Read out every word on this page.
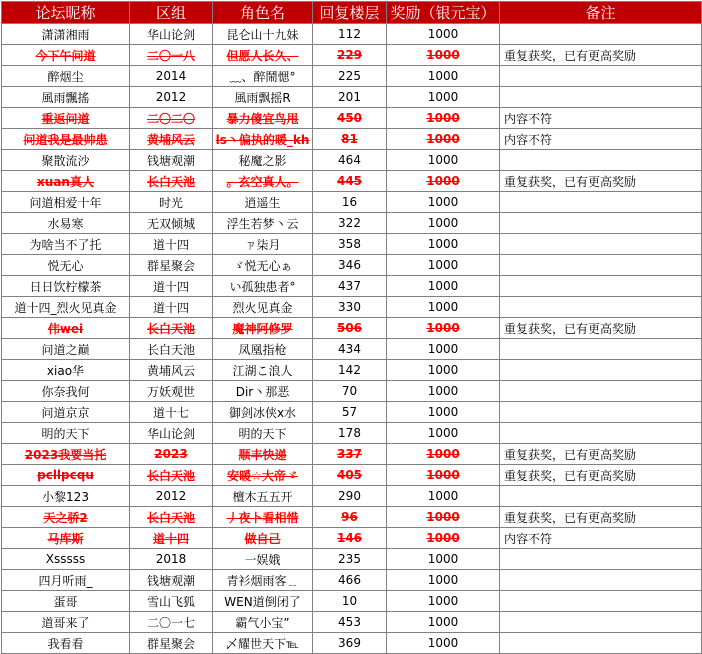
论坛昵称	区组	角色名	回复楼层	奖励（银元宝）	备注
潇潇湘雨	华山论剑	昆仑山十九妹	112	1000	
今下午问道	二〇一八	但愿人长久、	229	1000	重复获奖，已有更高奖励
醉烟尘	2014	﹏、醉鬧愢°	225	1000	
風雨飄搖	2012	風雨飘摇R	201	1000	
重返问道	二〇二〇	暴力傻宜鸟甩	450	1000	内容不符
问道我是最帅患	黄埔风云	ls丶偏执的暖_kh	81	1000	内容不符
聚散流沙	钱塘观潮	秘魔之影	464	1000	
xuan真人	长白天池	。玄空真人。	445	1000	重复获奖，已有更高奖励
问道相爱十年	时光	逍遥生	16	1000	
水易寒	无双倾城	浮生若梦丶云	322	1000	
为啥当不了托	道十四	ㄗ柒月	358	1000	
悦无心	群星聚会	ゞ悦无心ぁ	346	1000	
日日饮柠檬茶	道十四	い孤独患者°	437	1000	
道十四_烈火见真金	道十四	烈火见真金	330	1000	
伟wei	长白天池	魔神阿修罗	506	1000	重复获奖，已有更高奖励
问道之巅	长白天池	凤凰指枪	434	1000	
xiao华	黄埔风云	江湖こ浪人	142	1000	
你奈我何	万妖观世	Dir丶那恶	70	1000	
问道京京	道十七	御剑冰侠x水	57	1000	
明的天下	华山论剑	明的天下	178	1000	
2023我要当托	2023	顺丰快递	337	1000	重复获奖，已有更高奖励
pcllpcqu	长白天池	安暖☆大帝ゞ	405	1000	重复获奖，已有更高奖励
小黎123	2012	檀木五五开	290	1000	
天之骄2	长白天池	丿夜卜看相惜	96	1000	重复获奖，已有更高奖励
马库斯	道十四	做自己	146	1000	内容不符
Xsssss	2018	一娱娥	235	1000	
四月听雨_	钱塘观潮	青衫烟雨客﹎	466	1000	
蛋哥	雪山飞狐	WEN道倒闭了	10	1000	
道哥来了	二〇一七	霸气小宝”	453	1000	
我看看	群星聚会	乄耀世天下℡	369	1000	
